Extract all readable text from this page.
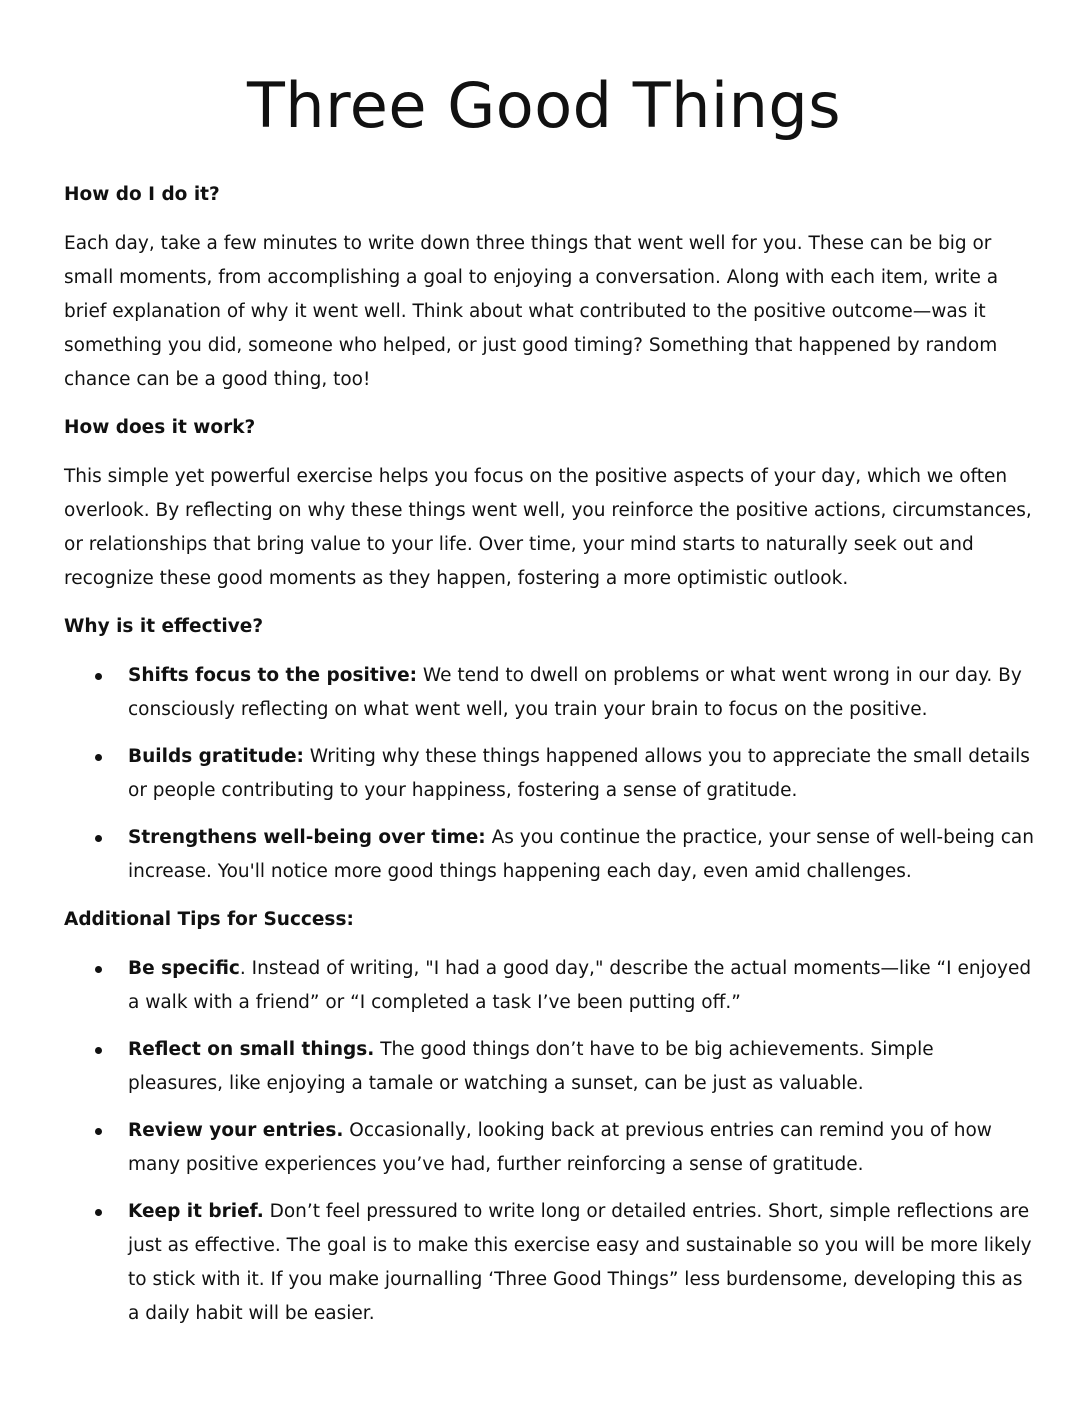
Three Good Things
How do I do it?

Each day, take a few minutes to write down three things that went well for you. These can be big or small moments, from accomplishing a goal to enjoying a conversation. Along with each item, write a brief explanation of why it went well. Think about what contributed to the positive outcome—was it something you did, someone who helped, or just good timing? Something that happened by random chance can be a good thing, too!

How does it work?

This simple yet powerful exercise helps you focus on the positive aspects of your day, which we often overlook. By reflecting on why these things went well, you reinforce the positive actions, circumstances, or relationships that bring value to your life. Over time, your mind starts to naturally seek out and recognize these good moments as they happen, fostering a more optimistic outlook.

Why is it effective?
Shifts focus to the positive: We tend to dwell on problems or what went wrong in our day. By consciously reflecting on what went well, you train your brain to focus on the positive.
Builds gratitude: Writing why these things happened allows you to appreciate the small details or people contributing to your happiness, fostering a sense of gratitude.
Strengthens well-being over time: As you continue the practice, your sense of well-being can increase. You'll notice more good things happening each day, even amid challenges.
Additional Tips for Success:
Be specific. Instead of writing, "I had a good day," describe the actual moments—like “I enjoyed a walk with a friend” or “I completed a task I’ve been putting off.”
Reflect on small things. The good things don’t have to be big achievements. Simple pleasures, like enjoying a tamale or watching a sunset, can be just as valuable.
Review your entries. Occasionally, looking back at previous entries can remind you of how many positive experiences you’ve had, further reinforcing a sense of gratitude.
Keep it brief. Don’t feel pressured to write long or detailed entries. Short, simple reflections are just as effective. The goal is to make this exercise easy and sustainable so you will be more likely to stick with it. If you make journalling ‘Three Good Things” less burdensome, developing this as a daily habit will be easier.
